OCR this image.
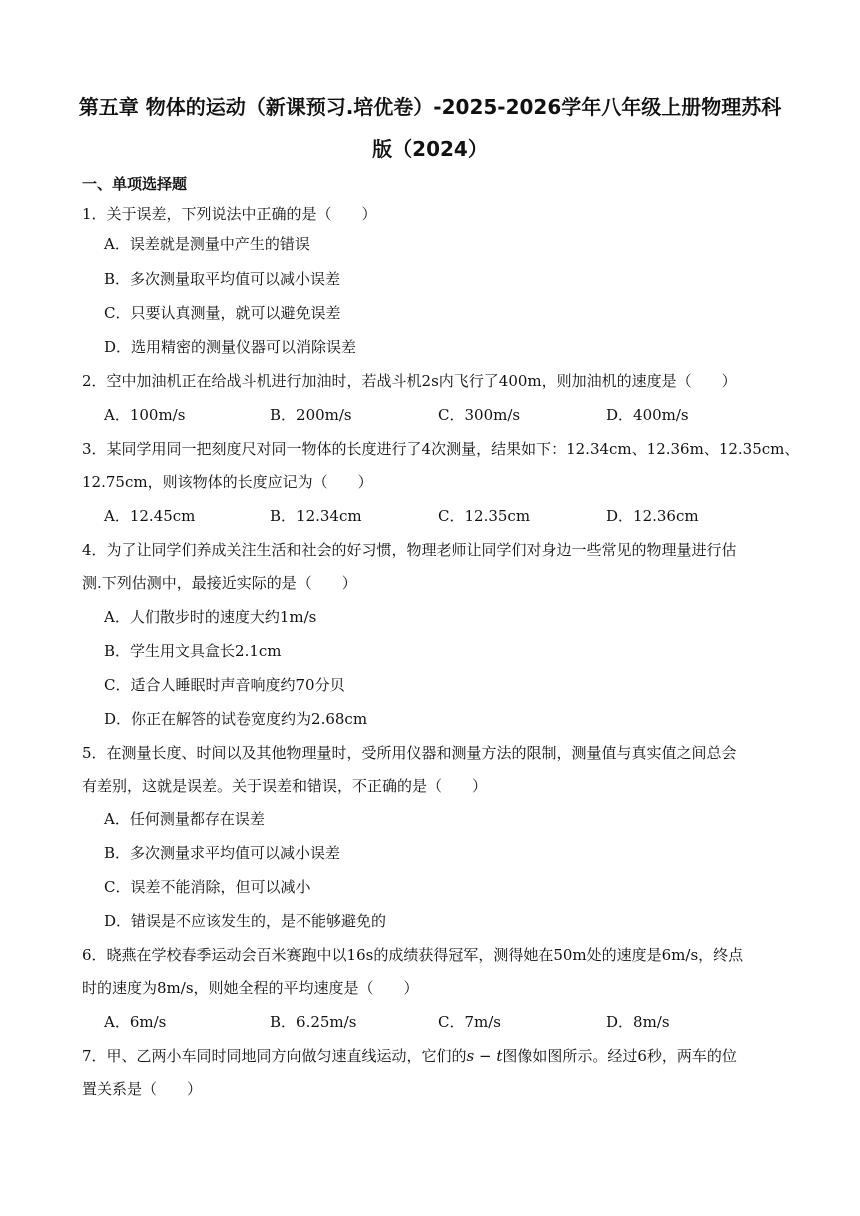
第五章 物体的运动（新课预习.培优卷）-2025-2026学年八年级上册物理苏科
版（2024）
一、单项选择题
1．关于误差，下列说法中正确的是（　　）
A．误差就是测量中产生的错误
B．多次测量取平均值可以减小误差
C．只要认真测量，就可以避免误差
D．选用精密的测量仪器可以消除误差
2．空中加油机正在给战斗机进行加油时，若战斗机2s内飞行了400m，则加油机的速度是（　　）
A．100m/s	B．200m/s	C．300m/s	D．400m/s
3．某同学用同一把刻度尺对同一物体的长度进行了4次测量，结果如下：12.34cm、12.36m、12.35cm、
12.75cm，则该物体的长度应记为（　　）
A．12.45cm	B．12.34cm	C．12.35cm	D．12.36cm
4．为了让同学们养成关注生活和社会的好习惯，物理老师让同学们对身边一些常见的物理量进行估
测.下列估测中，最接近实际的是（　　）
A．人们散步时的速度大约1m/s
B．学生用文具盒长2.1cm
C．适合人睡眠时声音响度约70分贝
D．你正在解答的试卷宽度约为2.68cm
5．在测量长度、时间以及其他物理量时，受所用仪器和测量方法的限制，测量值与真实值之间总会
有差别，这就是误差。关于误差和错误，不正确的是（　　）
A．任何测量都存在误差
B．多次测量求平均值可以减小误差
C．误差不能消除，但可以减小
D．错误是不应该发生的，是不能够避免的
6．晓燕在学校春季运动会百米赛跑中以16s的成绩获得冠军，测得她在50m处的速度是6m/s，终点
时的速度为8m/s，则她全程的平均速度是（　　）
A．6m/s	B．6.25m/s	C．7m/s	D．8m/s
7．甲、乙两小车同时同地同方向做匀速直线运动，它们的s − t图像如图所示。经过6秒，两车的位
置关系是（　　）
